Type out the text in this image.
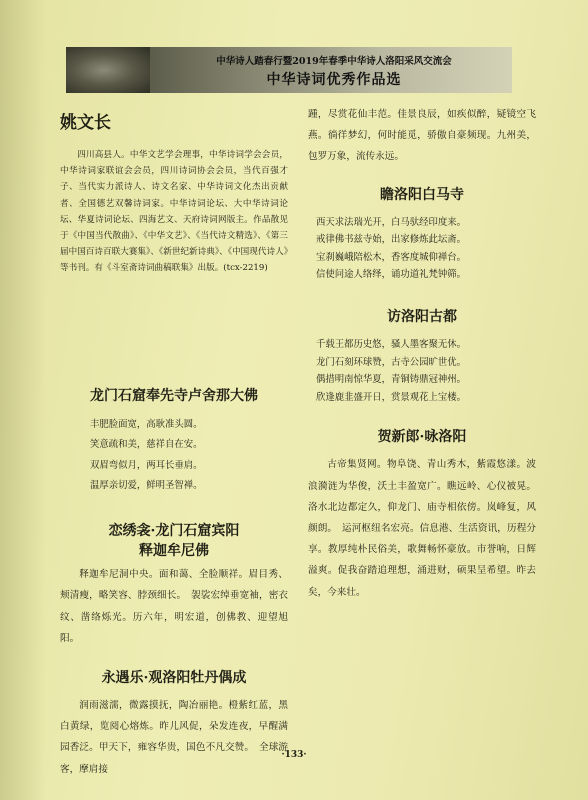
中华诗人踏春行暨2019年春季中华诗人洛阳采风交流会
中华诗词优秀作品选
姚文长

四川高县人。中华文艺学会理事，中华诗词学会会员，中华诗词家联谊会会员，四川诗词协会会员，当代百强才子、当代实力派诗人、诗文名家、中华诗词文化杰出贡献者、全国德艺双馨诗词家。中华诗词论坛、大中华诗词论坛、华夏诗词论坛、四海艺文、天府诗词网版主。作品散见于《中国当代散曲》、《中华文艺》、《当代诗文精选》、《第三届中国百诗百联大赛集》、《新世纪新诗典》、《中国现代诗人》等书刊。有《斗室斋诗词曲稿联集》出版。(tcx-2219)

龙门石窟奉先寺卢舍那大佛

丰肥脸面宽，高耿准头圆。
笑意疏和美，慈祥自在安。
双眉弯似月，两耳长垂肩。
温厚亲切爱，鲜明圣智禅。

恋绣衾·龙门石窟宾阳

释迦牟尼佛

释迦牟尼洞中央。面和蔼、全脸顺祥。眉目秀、颊清瘦，略笑容、脖颈细长。　袈裟宏绰垂宽袖，密衣纹、凿络烁光。历六年，明宏道，创佛教、迎望旭阳。

永遇乐·观洛阳牡丹偶成

润雨滋濡，微露摸抚，陶冶丽艳。橙紫红蓝，黑白黄绿，览阅心熔炼。昨儿风促，朵发连夜，早醒满园香泛。甲天下，雍容华贵，国色不凡交赞。　全球游客，摩肩接

踵，尽赏花仙丰范。佳景良辰，如疾似醉，疑镜空飞燕。徜徉梦幻，何时能觅，骄傲自豪频现。九州美，包罗万象，流传永远。

瞻洛阳白马寺

西天求法瑞光开，白马驮经印度来。
戒律佛书兹寺始，出家修炼此坛斋。
宝刹巍峨陪松木，香客度城仰禅台。
信使问途人络绎，诵功道礼梵钟筛。

访洛阳古都

千载王都历史悠，骚人墨客聚无休。
龙门石刻环球赞，古寺公园旷世优。
偶措明南惊华夏，青铜铸鼎冠神州。
欣逢鹿韭盛开日，赏景观花上宝楼。

贺新郎·咏洛阳

古帝集贤网。物阜饶、青山秀木，紫霞悠漾。波浪漪涟为华俊，沃土丰盈宽广。瞧远岭、心仪被晃。洛水北边都定久，仰龙门、庙寺相依傍。岚峰复，风颜朗。　运河枢纽名宏亮。信息港、生活资讯，历程分享。教厚纯朴民俗美，歌舞畅怀豪放。市誉响，日辉溢爽。促我奋踏追理想，涌进财，硕果呈希望。昨去矣，今来壮。

·133·
